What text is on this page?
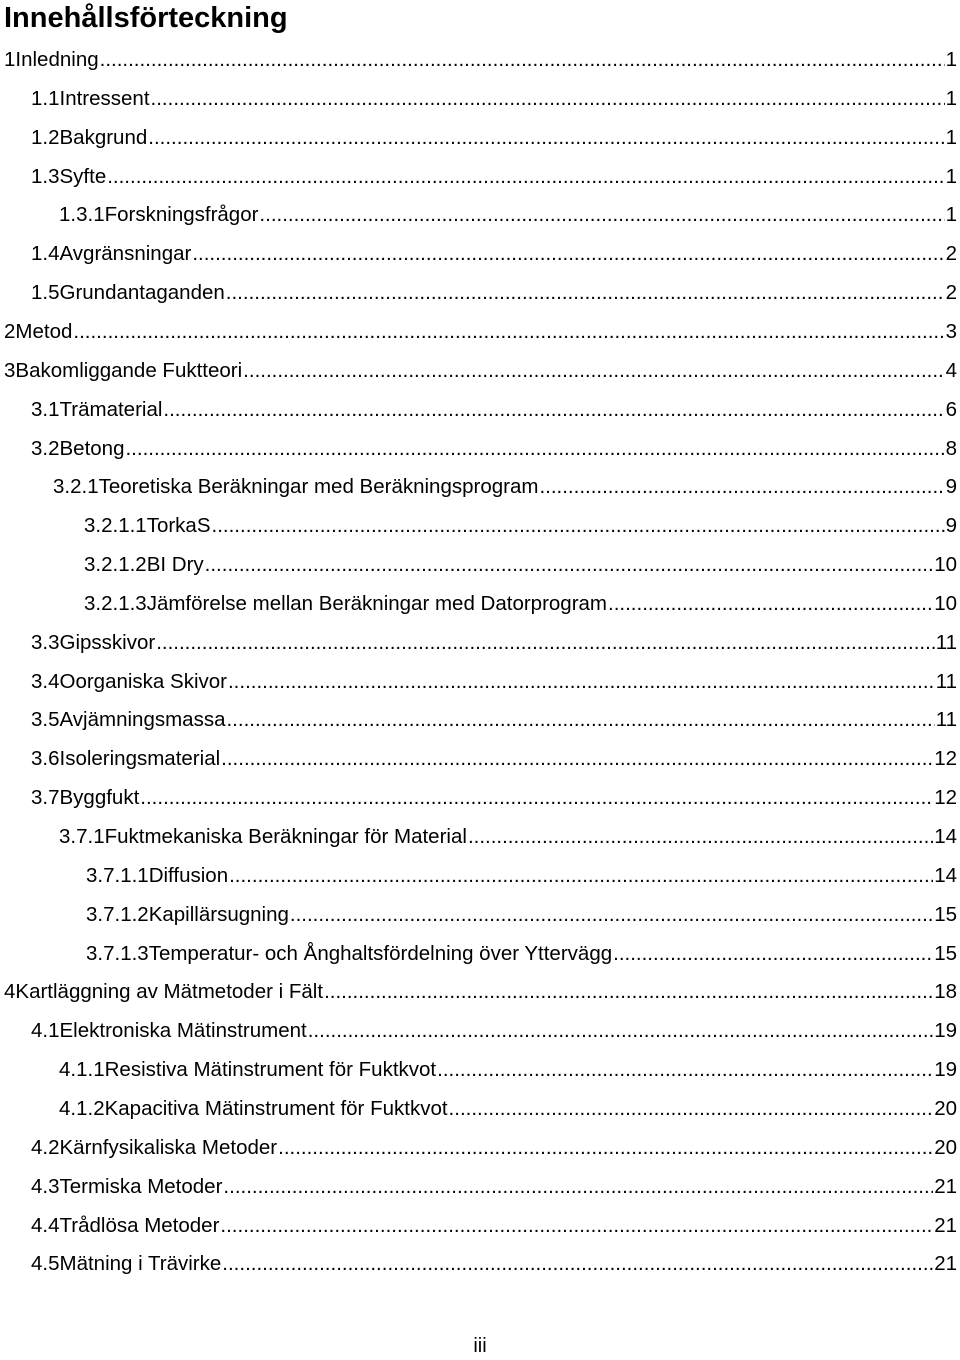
Innehållsförteckning
1 Inledning .....	1
1.1 Intressent .....	1
1.2 Bakgrund .....	1
1.3 Syfte .....	1
1.3.1 Forskningsfrågor .....	1
1.4 Avgränsningar .....	2
1.5 Grundantaganden .....	2
2 Metod .....	3
3 Bakomliggande Fuktteori .....	4
3.1 Trämaterial .....	6
3.2 Betong .....	8
3.2.1 Teoretiska Beräkningar med Beräkningsprogram .....	9
3.2.1.1 TorkaS .....	9
3.2.1.2 BI Dry .....	10
3.2.1.3 Jämförelse mellan Beräkningar med Datorprogram .....	10
3.3 Gipsskivor .....	11
3.4 Oorganiska Skivor .....	11
3.5 Avjämningsmassa .....	11
3.6 Isoleringsmaterial .....	12
3.7 Byggfukt .....	12
3.7.1 Fuktmekaniska Beräkningar för Material .....	14
3.7.1.1 Diffusion .....	14
3.7.1.2 Kapillärsugning .....	15
3.7.1.3 Temperatur- och Ånghaltsfördelning över Yttervägg .....	15
4 Kartläggning av Mätmetoder i Fält .....	18
4.1 Elektroniska Mätinstrument .....	19
4.1.1 Resistiva Mätinstrument för Fuktkvot .....	19
4.1.2 Kapacitiva Mätinstrument för Fuktkvot .....	20
4.2 Kärnfysikaliska Metoder .....	20
4.3 Termiska Metoder .....	21
4.4 Trådlösa Metoder .....	21
4.5 Mätning i Trävirke .....	21
iii
